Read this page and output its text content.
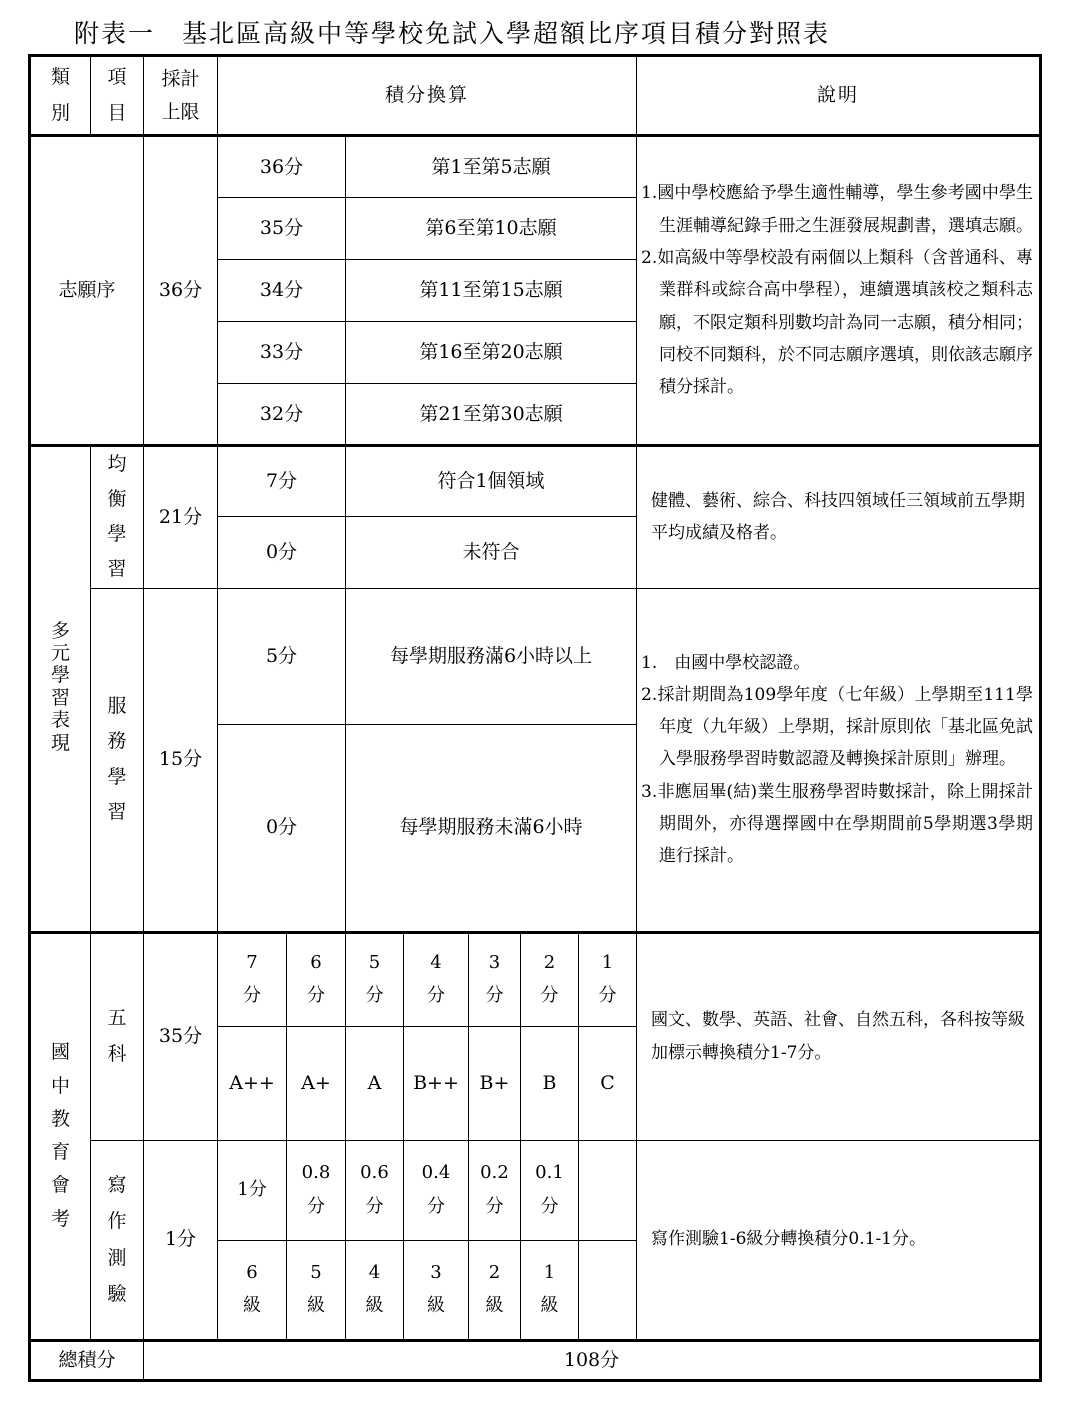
附表一　基北區高級中等學校免試入學超額比序項目積分對照表
類別	項目	採計上限	積分換算							說明
志願序		36分	36分		第1至第5志願					1.國中學校應給予學生適性輔導，學生參考國中學生生涯輔導紀錄手冊之生涯發展規劃書，選填志願。
2.如高級中等學校設有兩個以上類科（含普通科、專業群科或綜合高中學程），連續選填該校之類科志願，不限定類科別數均計為同一志願，積分相同；同校不同類科，於不同志願序選填，則依該志願序積分採計。

			35分		第6至第10志願					
			34分		第11至第15志願					
			33分		第16至第20志願					
			32分		第21至第30志願					
多元學習表現	均衡學習	21分	7分		符合1個領域					健體、藝術、綜合、科技四領域任三領域前五學期平均成績及格者。

			0分		未符合					
	服務學習	15分	5分		每學期服務滿6小時以上					1.　由國中學校認證。
2.採計期間為109學年度（七年級）上學期至111學年度（九年級）上學期，採計原則依「基北區免試入學服務學習時數認證及轉換採計原則」辦理。
3.非應屆畢(結)業生服務學習時數採計，除上開採計期間外，亦得選擇國中在學期間前5學期選3學期進行採計。

			0分		每學期服務未滿6小時					
國中教育會考	五科	35分	7分	6分	5分	4分	3分	2分	1分	國文、數學、英語、社會、自然五科，各科按等級加標示轉換積分1-7分。

			A++	A+	A	B++	B+	B	C	
	寫作測驗	1分	1分	0.8分	0.6分	0.4分	0.2分	0.1分		寫作測驗1-6級分轉換積分0.1-1分。

			6級	5級	4級	3級	2級	1級		
總積分		108分								
